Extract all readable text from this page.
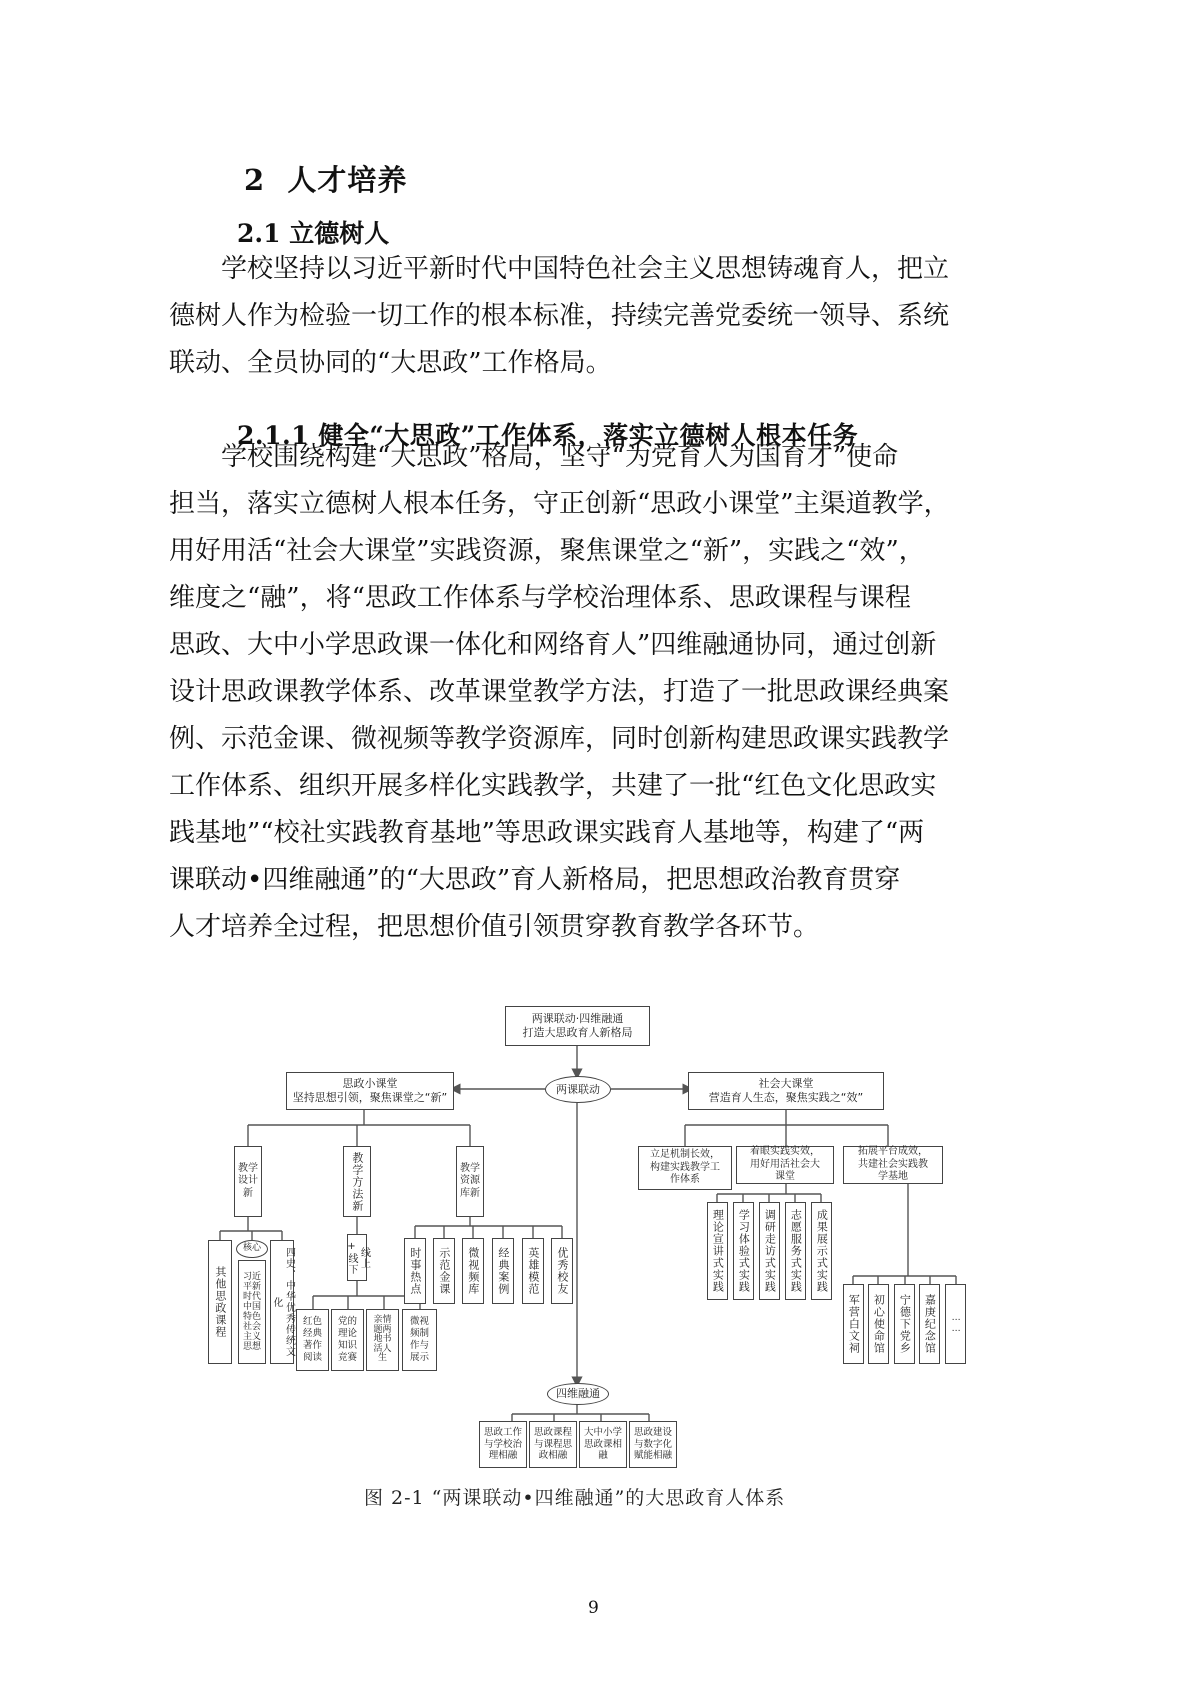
2 人才培养
2.1 立德树人
学校坚持以习近平新时代中国特色社会主义思想铸魂育人，把立
德树人作为检验一切工作的根本标准，持续完善党委统一领导、系统
联动、全员协同的“大思政”工作格局。
2.1.1 健全“大思政”工作体系，落实立德树人根本任务
学校围绕构建“大思政”格局，坚守“为党育人为国育才”使命
担当，落实立德树人根本任务，守正创新“思政小课堂”主渠道教学，
用好用活“社会大课堂”实践资源，聚焦课堂之“新”，实践之“效”，
维度之“融”，将“思政工作体系与学校治理体系、思政课程与课程
思政、大中小学思政课一体化和网络育人”四维融通协同，通过创新
设计思政课教学体系、改革课堂教学方法，打造了一批思政课经典案
例、示范金课、微视频等教学资源库，同时创新构建思政课实践教学
工作体系、组织开展多样化实践教学，共建了一批“红色文化思政实
践基地”“校社实践教育基地”等思政课实践育人基地等，构建了“两
课联动•四维融通”的“大思政”育人新格局，把思想政治教育贯穿
人才培养全过程，把思想价值引领贯穿教育教学各环节。
两课联动·四维融通
打造大思政育人新格局
思政小课堂
坚持思想引领，聚焦课堂之“新”
两课联动	社会大课堂
营造育人生态，聚焦实践之“效”
教学
设计
新	教学方法新	教学
资源
库新
其他思政课程
核心
习近
平新
时代
中国
特色
社会
主义
思想	四史、中华优秀传统文化
线上+线下
红色
经典
著作
阅读
党的
理论
知识
竞赛
亲情
题两
地书
活人
生
微视
频制
作与
展示
时事热点	示范金课	微视频库	经典案例	英雄模范	优秀校友
立足机制长效，
构建实践教学工
作体系
着眼实践实效，
用好用活社会大
课堂
拓展平台成效，
共建社会实践教
学基地
理论宣讲式实践	学习体验式实践	调研走访式实践	志愿服务式实践	成果展示式实践
军营白文祠	初心使命馆	宁德下党乡	嘉庚纪念馆	……
四维融通
思政工作
与学校治
理相融
思政课程
与课程思
政相融
大中小学
思政课相
融
思政建设
与数字化
赋能相融
图 2-1 “两课联动•四维融通”的大思政育人体系
9
